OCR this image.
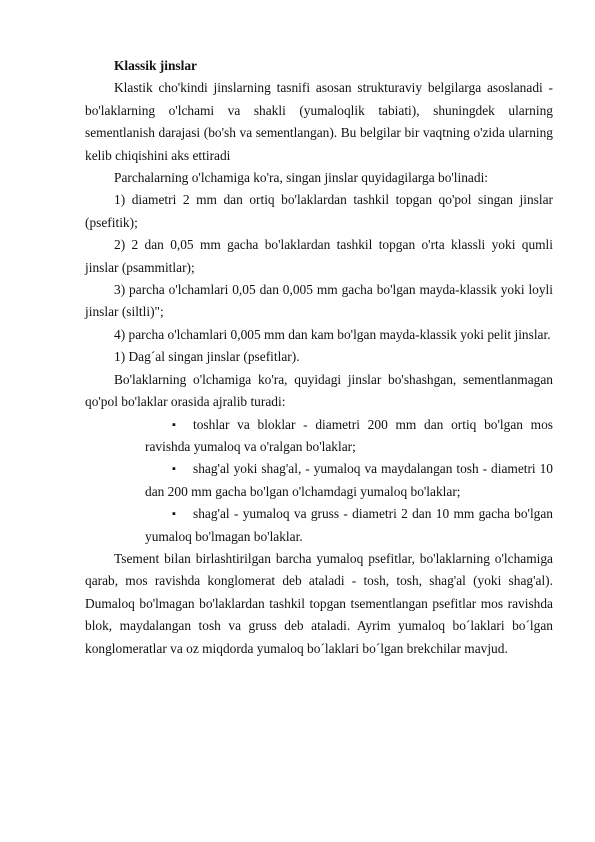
Klassik jinslar

Klastik cho'kindi jinslarning tasnifi asosan strukturaviy belgilarga asoslanadi - bo'laklarning o'lchami va shakli (yumaloqlik tabiati), shuningdek ularning sementlanish darajasi (bo'sh va sementlangan). Bu belgilar bir vaqtning o'zida ularning kelib chiqishini aks ettiradi

Parchalarning o'lchamiga ko'ra, singan jinslar quyidagilarga bo'linadi:

1) diametri 2 mm dan ortiq bo'laklardan tashkil topgan qo'pol singan jinslar (psefitik);

2) 2 dan 0,05 mm gacha bo'laklardan tashkil topgan o'rta klassli yoki qumli jinslar (psammitlar);

3) parcha o'lchamlari 0,05 dan 0,005 mm gacha bo'lgan mayda-klassik yoki loyli jinslar (siltli)";

4) parcha o'lchamlari 0,005 mm dan kam bo'lgan mayda-klassik yoki pelit jinslar.

1) Dag´al singan jinslar (psefitlar).

Bo'laklarning o'lchamiga ko'ra, quyidagi jinslar bo'shashgan, sementlanmagan qo'pol bo'laklar orasida ajralib turadi:

▪ toshlar va bloklar - diametri 200 mm dan ortiq bo'lgan mos ravishda yumaloq va o'ralgan bo'laklar;
▪ shag'al yoki shag'al, - yumaloq va maydalangan tosh - diametri 10 dan 200 mm gacha bo'lgan o'lchamdagi yumaloq bo'laklar;
▪ shag'al - yumaloq va gruss - diametri 2 dan 10 mm gacha bo'lgan yumaloq bo'lmagan bo'laklar.

Tsement bilan birlashtirilgan barcha yumaloq psefitlar, bo'laklarning o'lchamiga qarab, mos ravishda konglomerat deb ataladi - tosh, tosh, shag'al (yoki shag'al). Dumaloq bo'lmagan bo'laklardan tashkil topgan tsementlangan psefitlar mos ravishda blok, maydalangan tosh va gruss deb ataladi. Ayrim yumaloq bo´laklari bo´lgan konglomeratlar va oz miqdorda yumaloq bo´laklari bo´lgan brekchilar mavjud.
